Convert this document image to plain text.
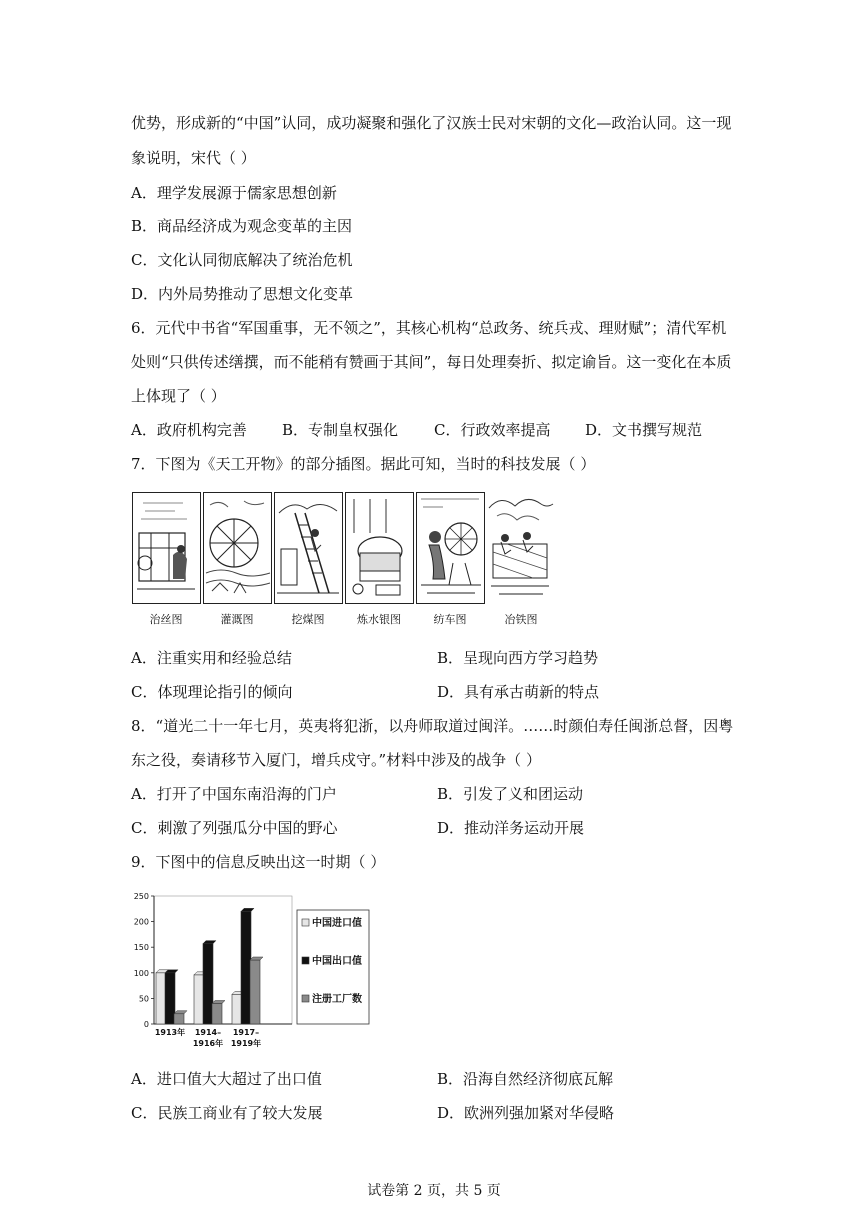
优势，形成新的“中国”认同，成功凝聚和强化了汉族士民对宋朝的文化—政治认同。这一现
象说明，宋代（ ）
A．理学发展源于儒家思想创新
B．商品经济成为观念变革的主因
C．文化认同彻底解决了统治危机
D．内外局势推动了思想文化变革
6．元代中书省“军国重事，无不领之”，其核心机构“总政务、统兵戎、理财赋”；清代军机
处则“只供传述缮撰，而不能稍有赞画于其间”，每日处理奏折、拟定谕旨。这一变化在本质
上体现了（ ）
A．政府机构完善 B．专制皇权强化 C．行政效率提高 D．文书撰写规范
7．下图为《天工开物》的部分插图。据此可知，当时的科技发展（ ）
治丝图	灌溉图	挖煤图	炼水银图	纺车图	冶铁图
A．注重实用和经验总结	B．呈现向西方学习趋势
C．体现理论指引的倾向	D．具有承古萌新的特点
8．“道光二十一年七月，英夷将犯浙，以舟师取道过闽洋。……时颜伯寿任闽浙总督，因粤
东之役，奏请移节入厦门，增兵戍守。”材料中涉及的战争（ ）
A．打开了中国东南沿海的门户	B．引发了义和团运动
C．刺激了列强瓜分中国的野心	D．推动洋务运动开展
9．下图中的信息反映出这一时期（ ）
0
50
100
150
200
250
1913年 1914–
1916年
1917–
1919年
中国进口值
中国出口值
注册工厂数
A．进口值大大超过了出口值	B．沿海自然经济彻底瓦解
C．民族工商业有了较大发展	D．欧洲列强加紧对华侵略
试卷第 2 页，共 5 页
